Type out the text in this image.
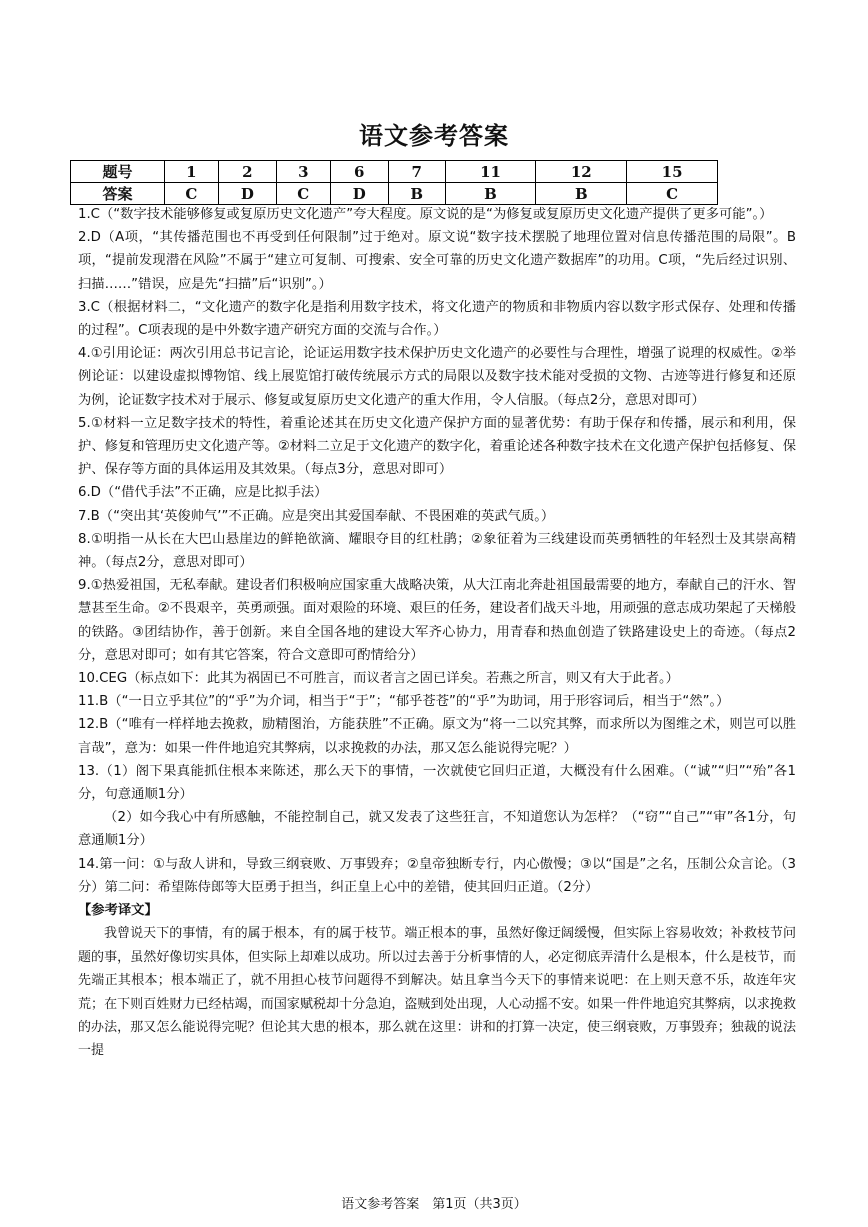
语文参考答案
题号	1	2	3	6	7	11	12	15
答案	C	D	C	D	B	B	B	C

1.C（“数字技术能够修复或复原历史文化遗产”夸大程度。原文说的是“为修复或复原历史文化遗产提供了更多可能”。）

2.D（A项，“其传播范围也不再受到任何限制”过于绝对。原文说“数字技术摆脱了地理位置对信息传播范围的局限”。B项，“提前发现潜在风险”不属于“建立可复制、可搜索、安全可靠的历史文化遗产数据库”的功用。C项，“先后经过识别、扫描……”错误，应是先“扫描”后“识别”。）

3.C（根据材料二，“文化遗产的数字化是指利用数字技术，将文化遗产的物质和非物质内容以数字形式保存、处理和传播的过程”。C项表现的是中外数字遗产研究方面的交流与合作。）

4.①引用论证：两次引用总书记言论，论证运用数字技术保护历史文化遗产的必要性与合理性，增强了说理的权威性。②举例论证：以建设虚拟博物馆、线上展览馆打破传统展示方式的局限以及数字技术能对受损的文物、古迹等进行修复和还原为例，论证数字技术对于展示、修复或复原历史文化遗产的重大作用，令人信服。（每点2分，意思对即可）

5.①材料一立足数字技术的特性，着重论述其在历史文化遗产保护方面的显著优势：有助于保存和传播，展示和利用，保护、修复和管理历史文化遗产等。②材料二立足于文化遗产的数字化，着重论述各种数字技术在文化遗产保护包括修复、保护、保存等方面的具体运用及其效果。（每点3分，意思对即可）

6.D（“借代手法”不正确，应是比拟手法）

7.B（“突出其‘英俊帅气’”不正确。应是突出其爱国奉献、不畏困难的英武气质。）

8.①明指一从长在大巴山悬崖边的鲜艳欲滴、耀眼夺目的红杜鹃；②象征着为三线建设而英勇牺牲的年轻烈士及其崇高精神。（每点2分，意思对即可）

9.①热爱祖国，无私奉献。建设者们积极响应国家重大战略决策，从大江南北奔赴祖国最需要的地方，奉献自己的汗水、智慧甚至生命。②不畏艰辛，英勇顽强。面对艰险的环境、艰巨的任务，建设者们战天斗地，用顽强的意志成功架起了天梯般的铁路。③团结协作，善于创新。来自全国各地的建设大军齐心协力，用青春和热血创造了铁路建设史上的奇迹。（每点2分，意思对即可；如有其它答案，符合文意即可酌情给分）

10.CEG（标点如下：此其为祸固已不可胜言，而议者言之固已详矣。若燕之所言，则又有大于此者。）

11.B（“一日立乎其位”的“乎”为介词，相当于“于”；“郁乎苍苍”的“乎”为助词，用于形容词后，相当于“然”。）

12.B（“唯有一样样地去挽救，励精图治，方能获胜”不正确。原文为“将一二以究其弊，而求所以为图维之术，则岂可以胜言哉”，意为：如果一件件地追究其弊病，以求挽救的办法，那又怎么能说得完呢？）

13.（1）阁下果真能抓住根本来陈述，那么天下的事情，一次就使它回归正道，大概没有什么困难。（“诚”“归”“殆”各1分，句意通顺1分）

（2）如今我心中有所感触，不能控制自己，就又发表了这些狂言，不知道您认为怎样？（“窃”“自己”“审”各1分，句意通顺1分）

14.第一问：①与敌人讲和，导致三纲衰败、万事毁弃；②皇帝独断专行，内心傲慢；③以“国是”之名，压制公众言论。（3分）第二问：希望陈侍郎等大臣勇于担当，纠正皇上心中的差错，使其回归正道。（2分）

【参考译文】

我曾说天下的事情，有的属于根本，有的属于枝节。端正根本的事，虽然好像迂阔缓慢，但实际上容易收效；补救枝节问题的事，虽然好像切实具体，但实际上却难以成功。所以过去善于分析事情的人，必定彻底弄清什么是根本，什么是枝节，而先端正其根本；根本端正了，就不用担心枝节问题得不到解决。姑且拿当今天下的事情来说吧：在上则天意不乐，故连年灾荒；在下则百姓财力已经枯竭，而国家赋税却十分急迫，盗贼到处出现，人心动摇不安。如果一件件地追究其弊病，以求挽救的办法，那又怎么能说得完呢？但论其大患的根本，那么就在这里：讲和的打算一决定，使三纲衰败，万事毁弃；独裁的说法一提

语文参考答案　第1页（共3页）
